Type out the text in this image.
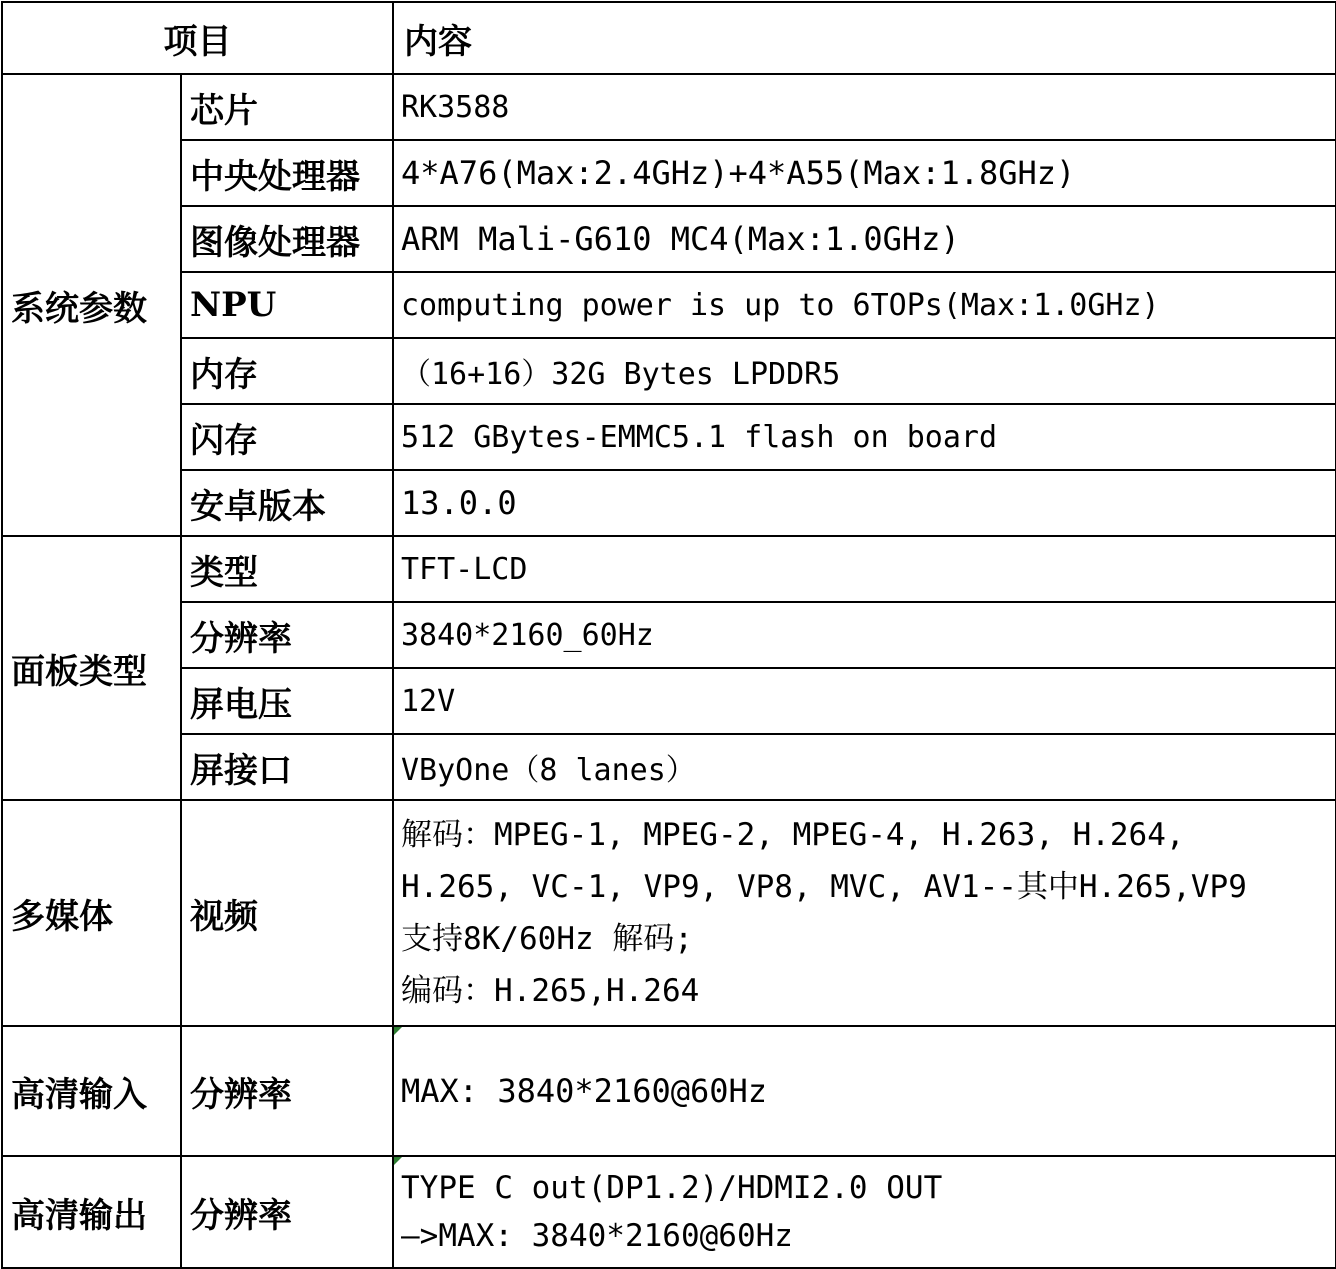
项目		内容
系统参数	芯片	RK3588
	中央处理器	4*A76(Max:2.4GHz)+4*A55(Max:1.8GHz)
	图像处理器	ARM Mali-G610 MC4(Max:1.0GHz)
	NPU	computing power is up to 6TOPs(Max:1.0GHz)
	内存	（16+16）32G Bytes LPDDR5
	闪存	512 GBytes-EMMC5.1 flash on board
	安卓版本	13.0.0
面板类型	类型	TFT-LCD
	分辨率	3840*2160_60Hz
	屏电压	12V
	屏接口	VByOne（8 lanes）
多媒体	视频	解码：MPEG-1, MPEG-2, MPEG-4, H.263, H.264,
H.265, VC-1, VP9, VP8, MVC, AV1--其中H.265,VP9
支持8K/60Hz 解码;
编码：H.265,H.264

高清输入	分辨率	MAX: 3840*2160@60Hz
高清输出	分辨率	TYPE C out(DP1.2)/HDMI2.0 OUT
—>MAX: 3840*2160@60Hz
